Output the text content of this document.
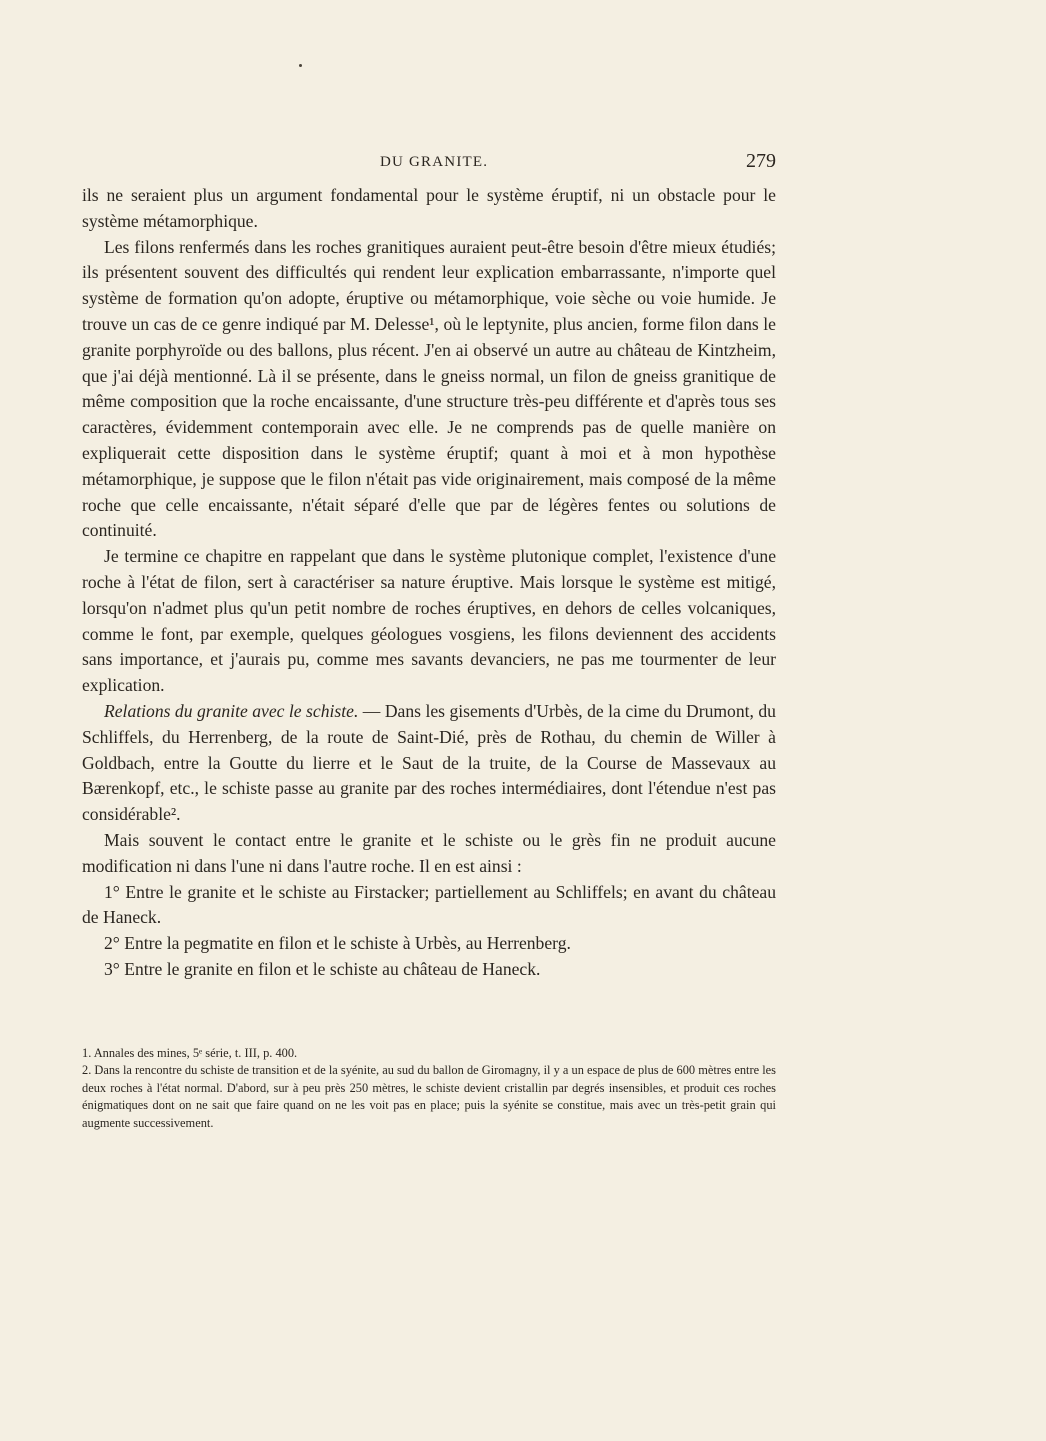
DU GRANITE.	279

ils ne seraient plus un argument fondamental pour le système éruptif, ni un obstacle pour le système métamorphique.

Les filons renfermés dans les roches granitiques auraient peut-être besoin d'être mieux étudiés; ils présentent souvent des difficultés qui rendent leur explication embarrassante, n'importe quel système de formation qu'on adopte, éruptive ou métamorphique, voie sèche ou voie humide. Je trouve un cas de ce genre indiqué par M. Delesse¹, où le leptynite, plus ancien, forme filon dans le granite porphyroïde ou des ballons, plus récent. J'en ai observé un autre au château de Kintzheim, que j'ai déjà mentionné. Là il se présente, dans le gneiss normal, un filon de gneiss granitique de même composition que la roche encaissante, d'une structure très-peu différente et d'après tous ses caractères, évidemment contemporain avec elle. Je ne comprends pas de quelle manière on expliquerait cette disposition dans le système éruptif; quant à moi et à mon hypothèse métamorphique, je suppose que le filon n'était pas vide originairement, mais composé de la même roche que celle encaissante, n'était séparé d'elle que par de légères fentes ou solutions de continuité.

Je termine ce chapitre en rappelant que dans le système plutonique complet, l'existence d'une roche à l'état de filon, sert à caractériser sa nature éruptive. Mais lorsque le système est mitigé, lorsqu'on n'admet plus qu'un petit nombre de roches éruptives, en dehors de celles volcaniques, comme le font, par exemple, quelques géologues vosgiens, les filons deviennent des accidents sans importance, et j'aurais pu, comme mes savants devanciers, ne pas me tourmenter de leur explication.

Relations du granite avec le schiste. — Dans les gisements d'Urbès, de la cime du Drumont, du Schliffels, du Herrenberg, de la route de Saint-Dié, près de Rothau, du chemin de Willer à Goldbach, entre la Goutte du lierre et le Saut de la truite, de la Course de Massevaux au Bærenkopf, etc., le schiste passe au granite par des roches intermédiaires, dont l'étendue n'est pas considérable².

Mais souvent le contact entre le granite et le schiste ou le grès fin ne produit aucune modification ni dans l'une ni dans l'autre roche. Il en est ainsi :

1° Entre le granite et le schiste au Firstacker; partiellement au Schliffels; en avant du château de Haneck.

2° Entre la pegmatite en filon et le schiste à Urbès, au Herrenberg.

3° Entre le granite en filon et le schiste au château de Haneck.

1. Annales des mines, 5ᵉ série, t. III, p. 400.

2. Dans la rencontre du schiste de transition et de la syénite, au sud du ballon de Giromagny, il y a un espace de plus de 600 mètres entre les deux roches à l'état normal. D'abord, sur à peu près 250 mètres, le schiste devient cristallin par degrés insensibles, et produit ces roches énigmatiques dont on ne sait que faire quand on ne les voit pas en place; puis la syénite se constitue, mais avec un très-petit grain qui augmente successivement.
